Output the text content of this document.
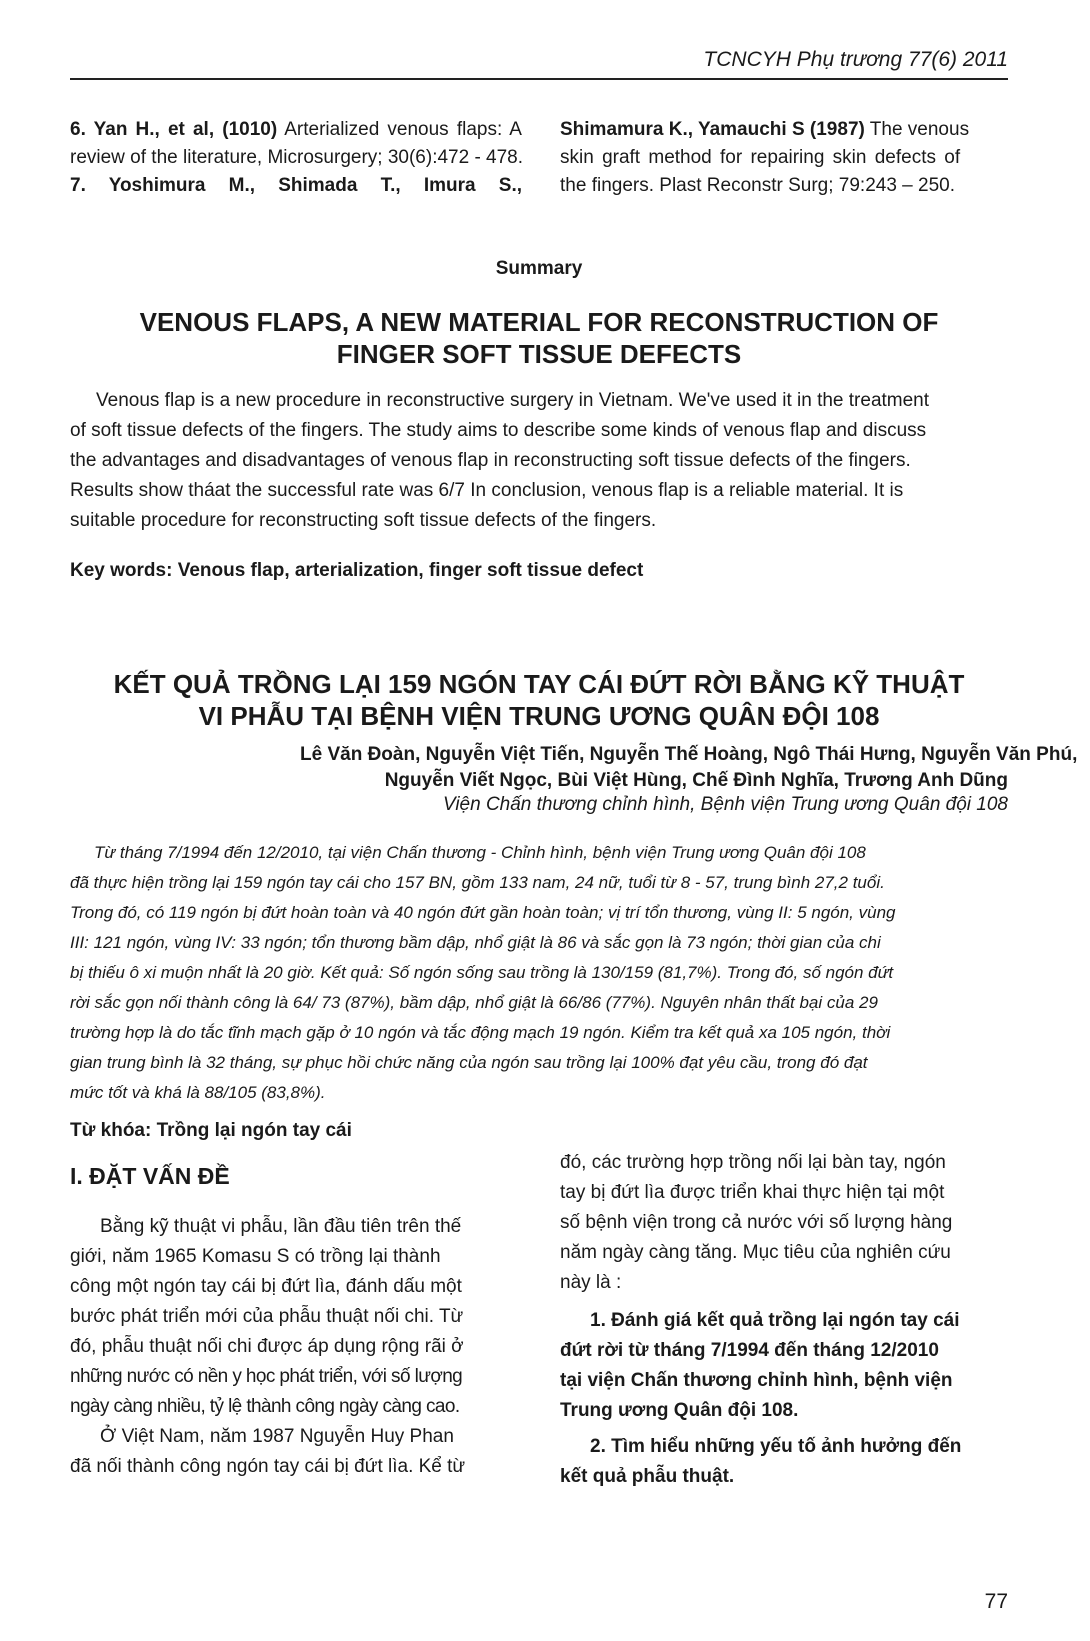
TCNCYH Phụ trương 77(6) 2011
6. Yan H., et al, (1010) Arterialized venous flaps: A
review of the literature, Microsurgery; 30(6):472 - 478.
7. Yoshimura M., Shimada T., Imura S.,
Shimamura K., Yamauchi S (1987) The venous
skin graft method for repairing skin defects of
the fingers. Plast Reconstr Surg; 79:243 – 250.
Summary
VENOUS FLAPS, A NEW MATERIAL FOR RECONSTRUCTION OF
FINGER SOFT TISSUE DEFECTS
Venous flap is a new procedure in reconstructive surgery in Vietnam. We've used it in the treatment
of soft tissue defects of the fingers. The study aims to describe some kinds of venous flap and discuss
the advantages and disadvantages of venous flap in reconstructing soft tissue defects of the fingers.
Results show tháat the successful rate was 6/7 In conclusion, venous flap is a reliable material. It is
suitable procedure for reconstructing soft tissue defects of the fingers.
Key words: Venous flap, arterialization, finger soft tissue defect
KẾT QUẢ TRỒNG LẠI 159 NGÓN TAY CÁI ĐỨT RỜI BẰNG KỸ THUẬT
VI PHẪU TẠI BỆNH VIỆN TRUNG ƯƠNG QUÂN ĐỘI 108
Lê Văn Đoàn, Nguyễn Việt Tiến, Nguyễn Thế Hoàng, Ngô Thái Hưng, Nguyễn Văn Phú,
Nguyễn Viết Ngọc, Bùi Việt Hùng, Chế Đình Nghĩa, Trương Anh Dũng
Viện Chấn thương chỉnh hình, Bệnh viện Trung ương Quân đội 108
Từ tháng 7/1994 đến 12/2010, tại viện Chấn thương - Chỉnh hình, bệnh viện Trung ương Quân đội 108
đã thực hiện trồng lại 159 ngón tay cái cho 157 BN, gồm 133 nam, 24 nữ, tuổi từ 8 - 57, trung bình 27,2 tuổi.
Trong đó, có 119 ngón bị đứt hoàn toàn và 40 ngón đứt gần hoàn toàn; vị trí tổn thương, vùng II: 5 ngón, vùng
III: 121 ngón, vùng IV: 33 ngón; tổn thương bầm dập, nhổ giật là 86 và sắc gọn là 73 ngón; thời gian của chi
bị thiếu ô xi muộn nhất là 20 giờ. Kết quả: Số ngón sống sau trồng là 130/159 (81,7%). Trong đó, số ngón đứt
rời sắc gọn nối thành công là 64/ 73 (87%), bầm dập, nhổ giật là 66/86 (77%). Nguyên nhân thất bại của 29
trường hợp là do tắc tĩnh mạch gặp ở 10 ngón và tắc động mạch 19 ngón. Kiểm tra kết quả xa 105 ngón, thời
gian trung bình là 32 tháng, sự phục hồi chức năng của ngón sau trồng lại 100% đạt yêu cầu, trong đó đạt
mức tốt và khá là 88/105 (83,8%).
Từ khóa: Trồng lại ngón tay cái
I. ĐẶT VẤN ĐỀ
Bằng kỹ thuật vi phẫu, lần đầu tiên trên thế
giới, năm 1965 Komasu S có trồng lại thành
công một ngón tay cái bị đứt lìa, đánh dấu một
bước phát triển mới của phẫu thuật nối chi. Từ
đó, phẫu thuật nối chi được áp dụng rộng rãi ở
những nước có nền y học phát triển, với số lượng
ngày càng nhiều, tỷ lệ thành công ngày càng cao.
Ở Việt Nam, năm 1987 Nguyễn Huy Phan
đã nối thành công ngón tay cái bị đứt lìa. Kể từ
đó, các trường hợp trồng nối lại bàn tay, ngón
tay bị đứt lìa được triển khai thực hiện tại một
số bệnh viện trong cả nước với số lượng hàng
năm ngày càng tăng. Mục tiêu của nghiên cứu
này là :
1. Đánh giá kết quả trồng lại ngón tay cái
đứt rời từ tháng 7/1994 đến tháng 12/2010
tại viện Chấn thương chỉnh hình, bệnh viện
Trung ương Quân đội 108.
2. Tìm hiểu những yếu tố ảnh hưởng đến
kết quả phẫu thuật.
77
